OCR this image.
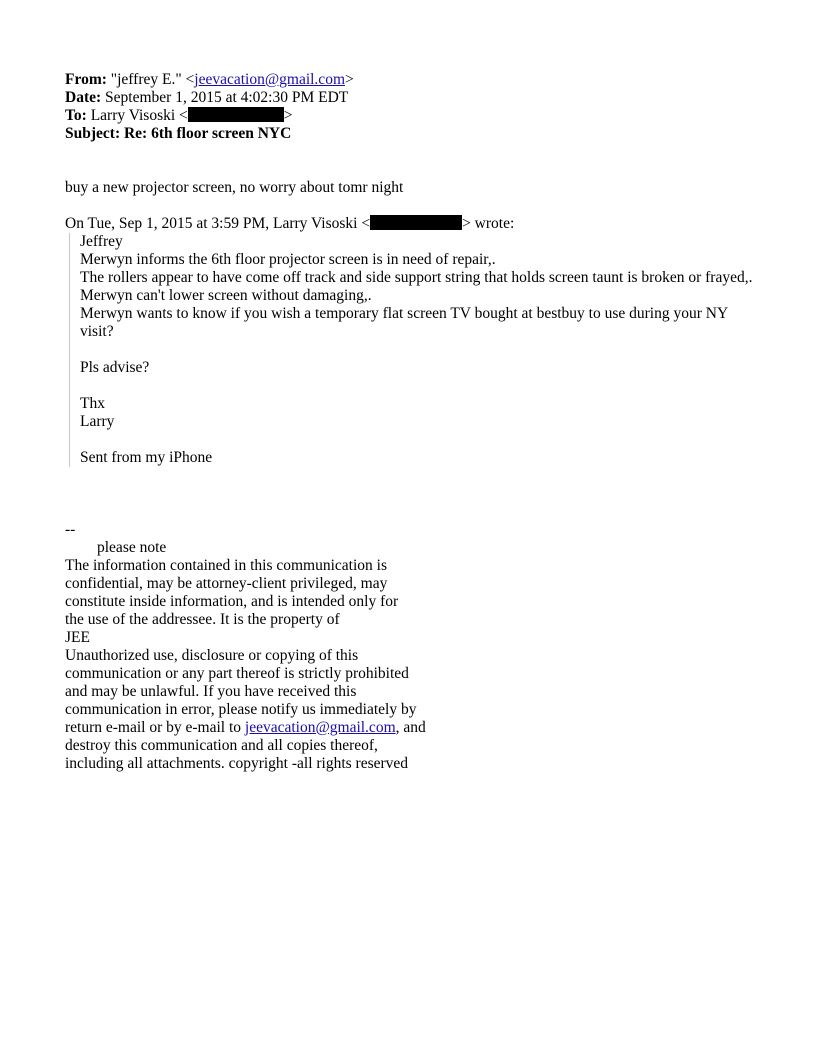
From: "jeffrey E." <jeevacation@gmail.com>
Date: September 1, 2015 at 4:02:30 PM EDT
To: Larry Visoski <	>
Subject: Re: 6th floor screen NYC
buy a new projector screen, no worry about tomr night
On Tue, Sep 1, 2015 at 3:59 PM, Larry Visoski <	> wrote:
Jeffrey
Merwyn informs the 6th floor projector screen is in need of repair,.
The rollers appear to have come off track and side support string that holds screen taunt is broken or frayed,.
Merwyn can't lower screen without damaging,.
Merwyn wants to know if you wish a temporary flat screen TV bought at bestbuy to use during your NY visit?
Pls advise?
Thx
Larry
Sent from my iPhone
--
please note
The information contained in this communication is
confidential, may be attorney-client privileged, may
constitute inside information, and is intended only for
the use of the addressee. It is the property of
JEE
Unauthorized use, disclosure or copying of this
communication or any part thereof is strictly prohibited
and may be unlawful. If you have received this
communication in error, please notify us immediately by
return e-mail or by e-mail to jeevacation@gmail.com, and
destroy this communication and all copies thereof,
including all attachments. copyright -all rights reserved
